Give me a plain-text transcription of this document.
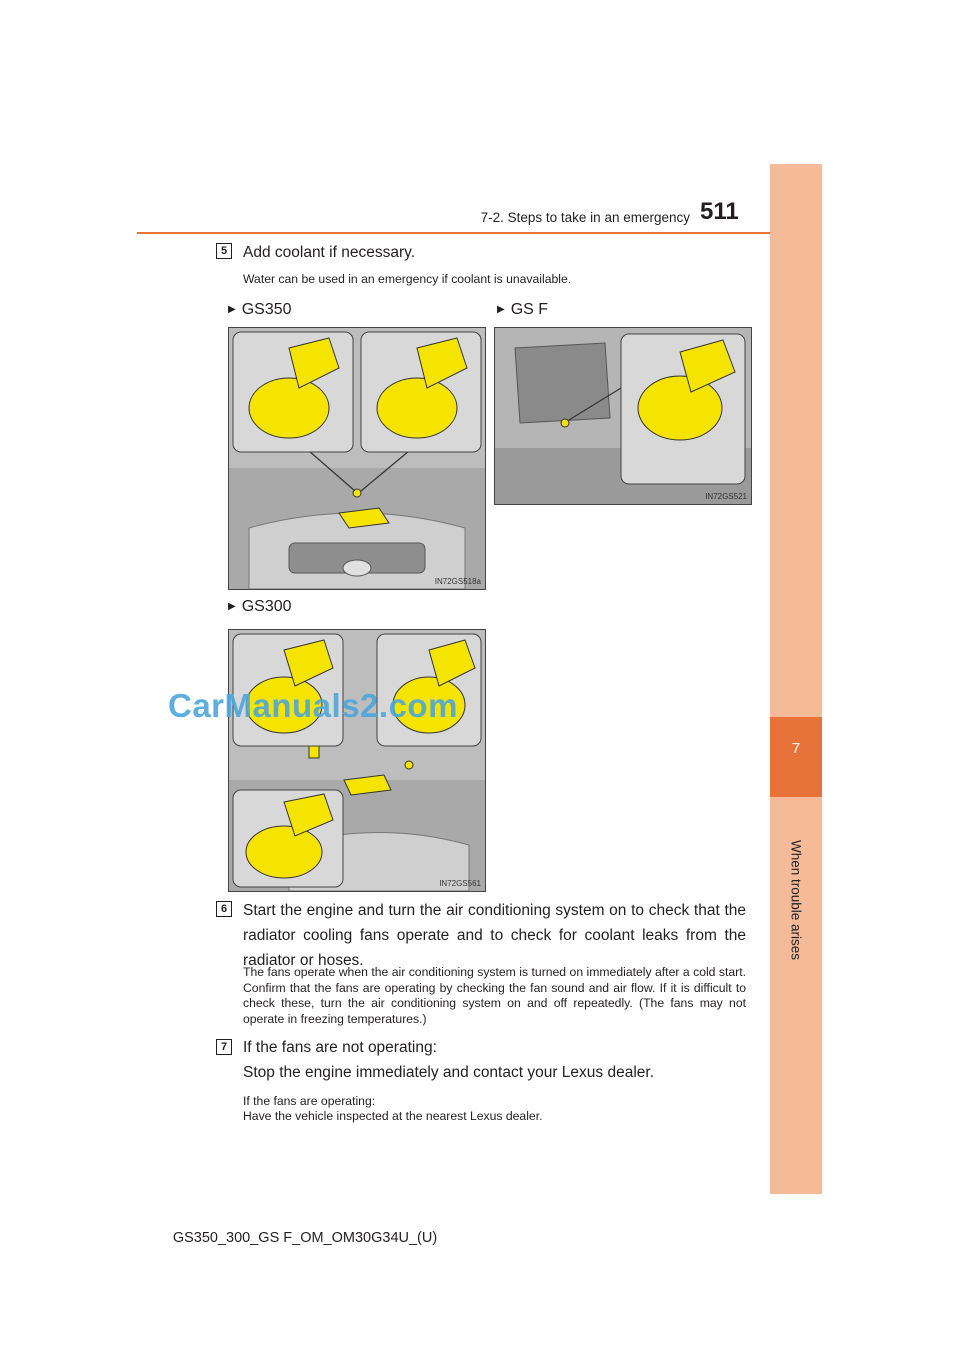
7-2. Steps to take in an emergency 511
7
When trouble arises
5	Add coolant if necessary.
Water can be used in an emergency if coolant is unavailable.
▶ GS350	▶ GS F
IN72GS518a
IN72GS521
▶ GS300
IN72GS561
CarManuals2.com
6	Start the engine and turn the air conditioning system on to check that the radiator cooling fans operate and to check for coolant leaks from the radiator or hoses.
The fans operate when the air conditioning system is turned on immediately after a cold start. Confirm that the fans are operating by checking the fan sound and air flow. If it is difficult to check these, turn the air conditioning system on and off repeatedly. (The fans may not operate in freezing temperatures.)
7	If the fans are not operating:
Stop the engine immediately and contact your Lexus dealer.
If the fans are operating:
Have the vehicle inspected at the nearest Lexus dealer.
GS350_300_GS F_OM_OM30G34U_(U)
